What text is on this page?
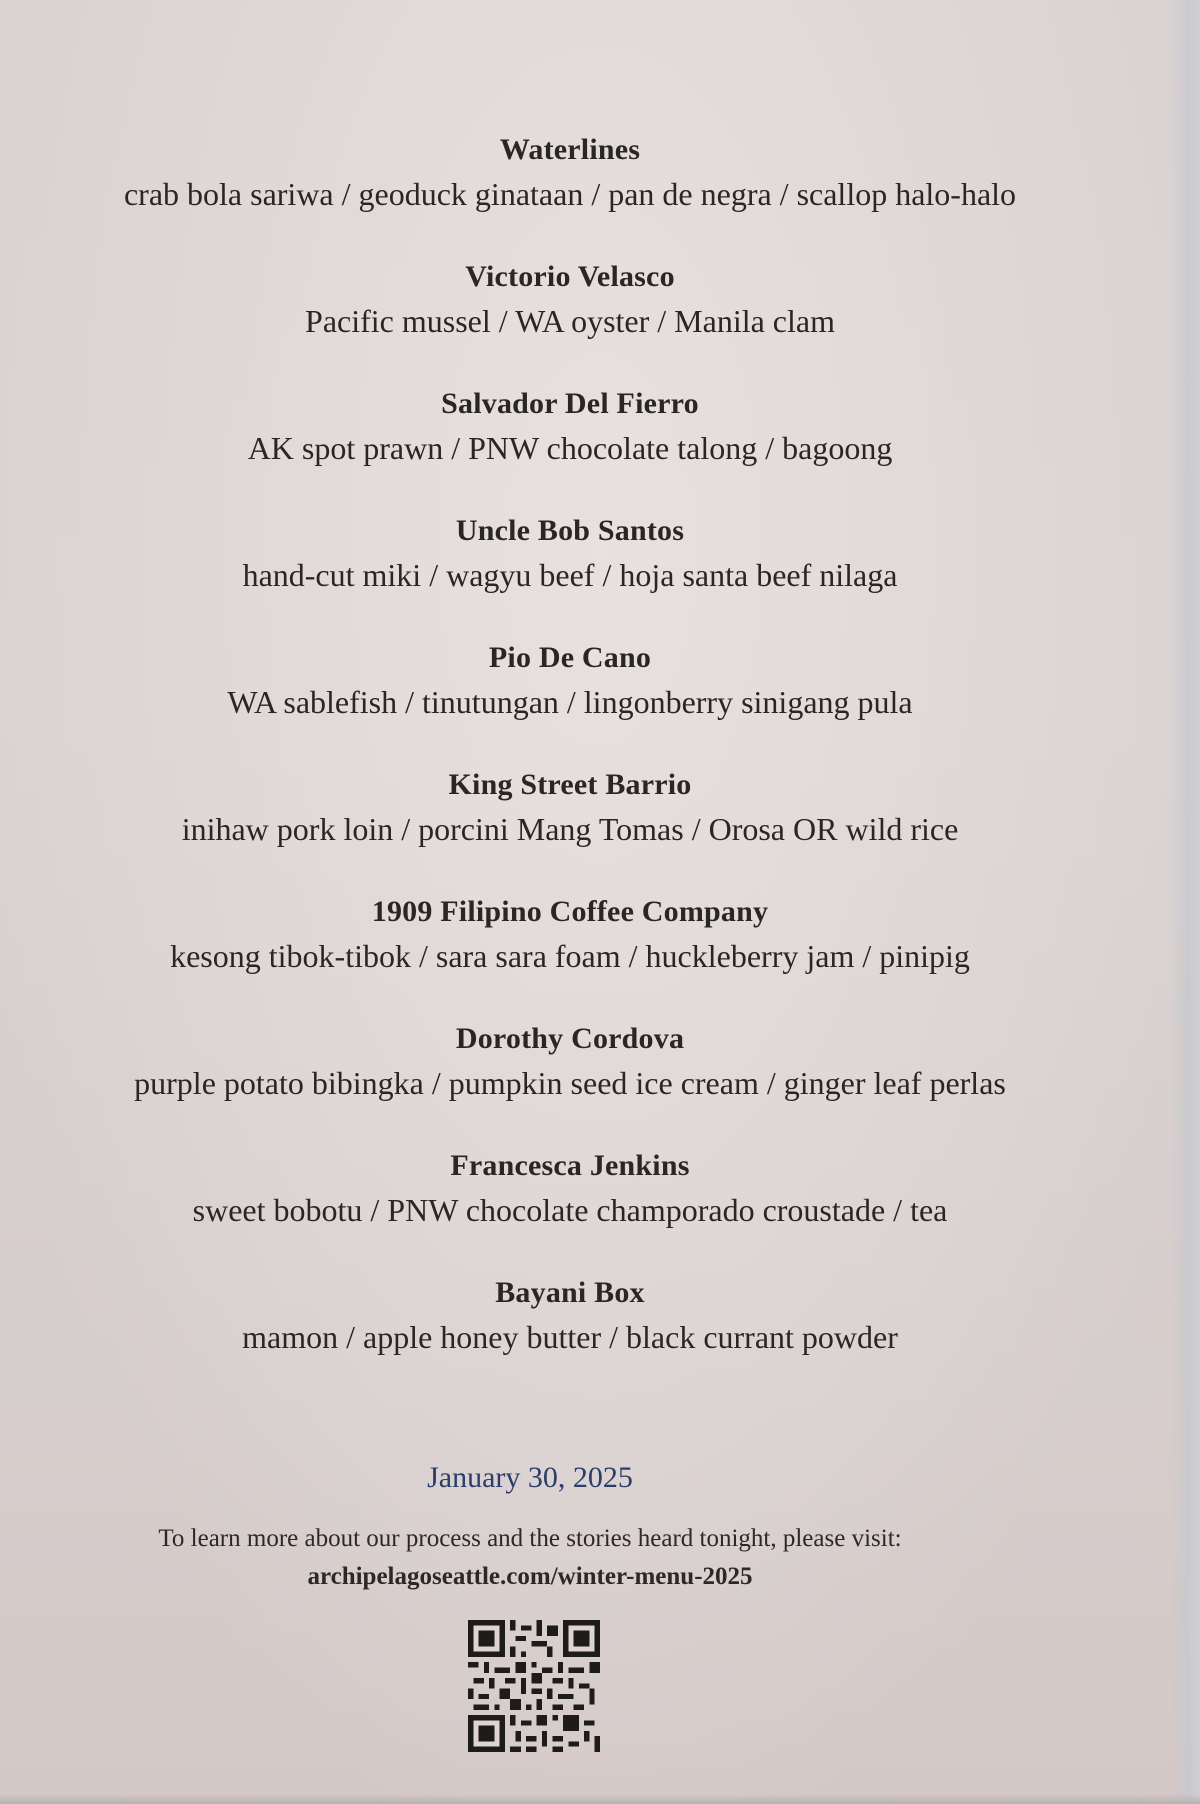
Waterlines
crab bola sariwa / geoduck ginataan / pan de negra / scallop halo-halo
Victorio Velasco
Pacific mussel / WA oyster / Manila clam
Salvador Del Fierro
AK spot prawn / PNW chocolate talong / bagoong
Uncle Bob Santos
hand-cut miki / wagyu beef / hoja santa beef nilaga
Pio De Cano
WA sablefish / tinutungan / lingonberry sinigang pula
King Street Barrio
inihaw pork loin / porcini Mang Tomas / Orosa OR wild rice
1909 Filipino Coffee Company
kesong tibok-tibok / sara sara foam / huckleberry jam / pinipig
Dorothy Cordova
purple potato bibingka / pumpkin seed ice cream / ginger leaf perlas
Francesca Jenkins
sweet bobotu / PNW chocolate champorado croustade / tea
Bayani Box
mamon / apple honey butter / black currant powder
January 30, 2025
To learn more about our process and the stories heard tonight, please visit:
archipelagoseattle.com/winter-menu-2025
